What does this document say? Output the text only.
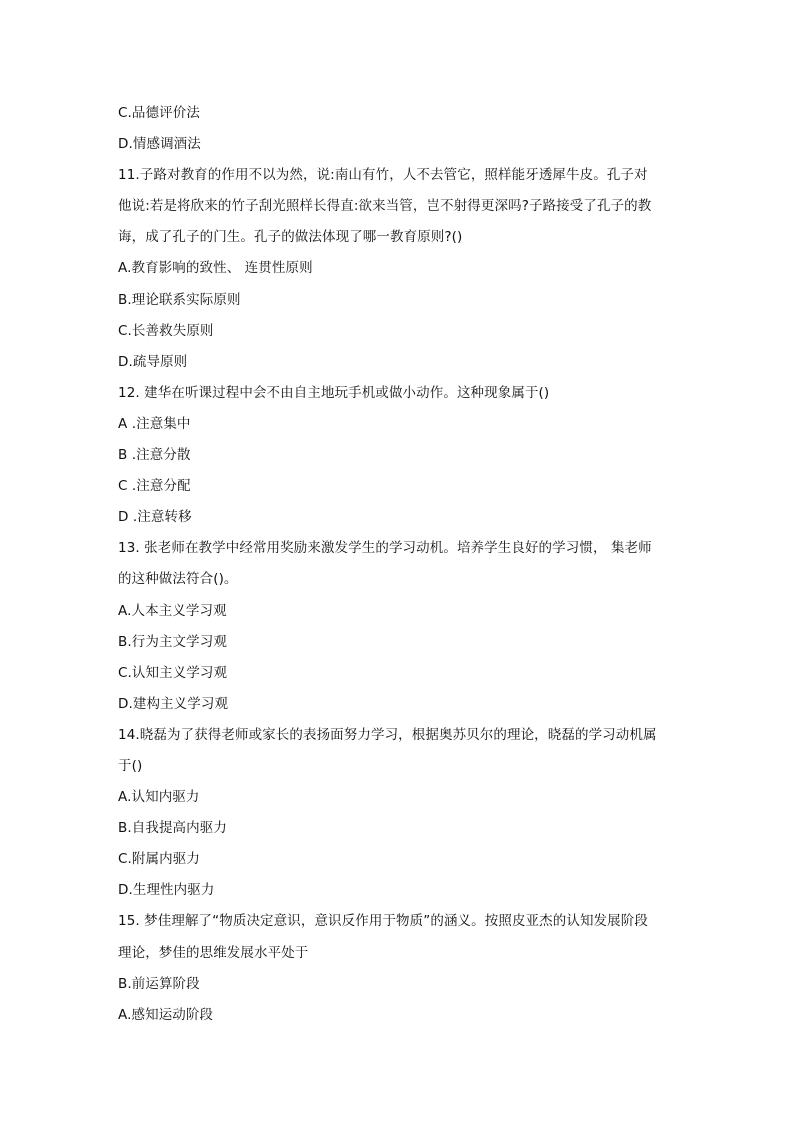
C.品德评价法
D.情感调酒法
11.子路对教育的作用不以为然，说:南山有竹，人不去管它，照样能牙透犀牛皮。孔子对
他说:若是将欣来的竹子刮光照样长得直:欲来当管，岂不射得更深吗?子路接受了孔子的教
诲，成了孔子的门生。孔子的做法体现了哪一教育原则?()
A.教育影响的致性、 连贯性原则
B.理论联系实际原则
C.长善救失原则
D.疏导原则
12. 建华在听课过程中会不由自主地玩手机或做小动作。这种现象属于()
A .注意集中
B .注意分散
C .注意分配
D .注意转移
13. 张老师在教学中经常用奖励来激发学生的学习动机。培养学生良好的学习惯， 集老师
的这种做法符合()。
A.人本主义学习观
B.行为主文学习观
C.认知主义学习观
D.建构主义学习观
14.晓磊为了获得老师或家长的表扬面努力学习，根据奥苏贝尔的理论，晓磊的学习动机属
于()
A.认知内驱力
B.自我提高内驱力
C.附属内驱力
D.生理性内驱力
15. 梦佳理解了“物质决定意识，意识反作用于物质”的涵义。按照皮亚杰的认知发展阶段
理论，梦佳的思维发展水平处于
B.前运算阶段
A.感知运动阶段
